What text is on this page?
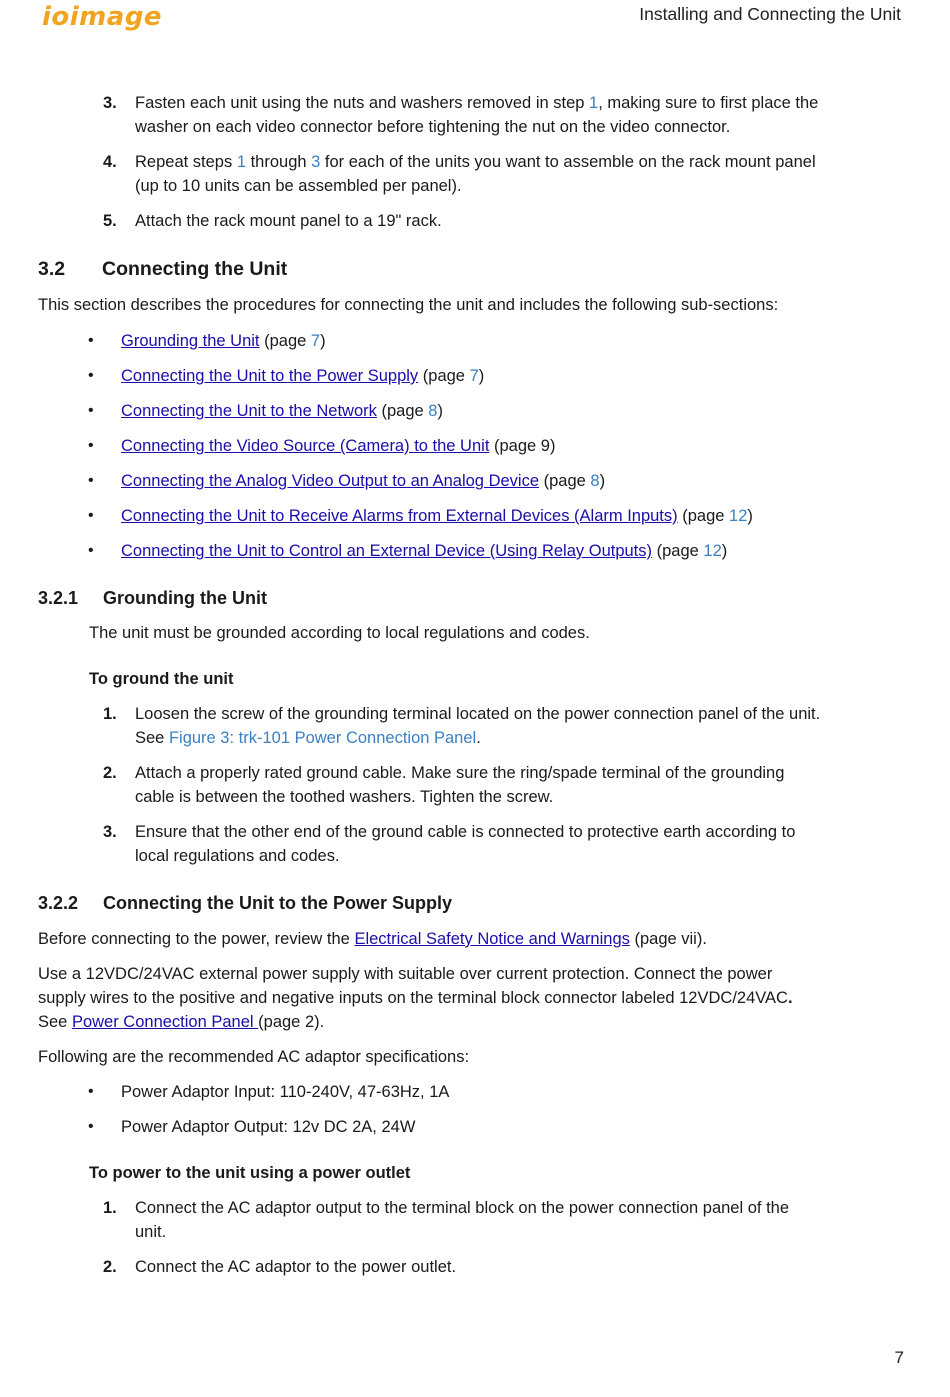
ioimage	Installing and Connecting the Unit
3. Fasten each unit using the nuts and washers removed in step 1, making sure to first place the
washer on each video connector before tightening the nut on the video connector.
4. Repeat steps 1 through 3 for each of the units you want to assemble on the rack mount panel
(up to 10 units can be assembled per panel).
5. Attach the rack mount panel to a 19" rack.
3.2 Connecting the Unit
This section describes the procedures for connecting the unit and includes the following sub-sections:
• Grounding the Unit (page 7)
• Connecting the Unit to the Power Supply (page 7)
• Connecting the Unit to the Network (page 8)
• Connecting the Video Source (Camera) to the Unit (page 9)
• Connecting the Analog Video Output to an Analog Device (page 8)
• Connecting the Unit to Receive Alarms from External Devices (Alarm Inputs) (page 12)
• Connecting the Unit to Control an External Device (Using Relay Outputs) (page 12)
3.2.1 Grounding the Unit
The unit must be grounded according to local regulations and codes.
To ground the unit
1. Loosen the screw of the grounding terminal located on the power connection panel of the unit.
See Figure 3: trk-101 Power Connection Panel.
2. Attach a properly rated ground cable. Make sure the ring/spade terminal of the grounding
cable is between the toothed washers. Tighten the screw.
3. Ensure that the other end of the ground cable is connected to protective earth according to
local regulations and codes.
3.2.2 Connecting the Unit to the Power Supply
Before connecting to the power, review the Electrical Safety Notice and Warnings (page vii).
Use a 12VDC/24VAC external power supply with suitable over current protection. Connect the power
supply wires to the positive and negative inputs on the terminal block connector labeled 12VDC/24VAC.
See Power Connection Panel (page 2).
Following are the recommended AC adaptor specifications:
• Power Adaptor Input: 110-240V, 47-63Hz, 1A
• Power Adaptor Output: 12v DC 2A, 24W
To power to the unit using a power outlet
1. Connect the AC adaptor output to the terminal block on the power connection panel of the
unit.
2. Connect the AC adaptor to the power outlet.
7
